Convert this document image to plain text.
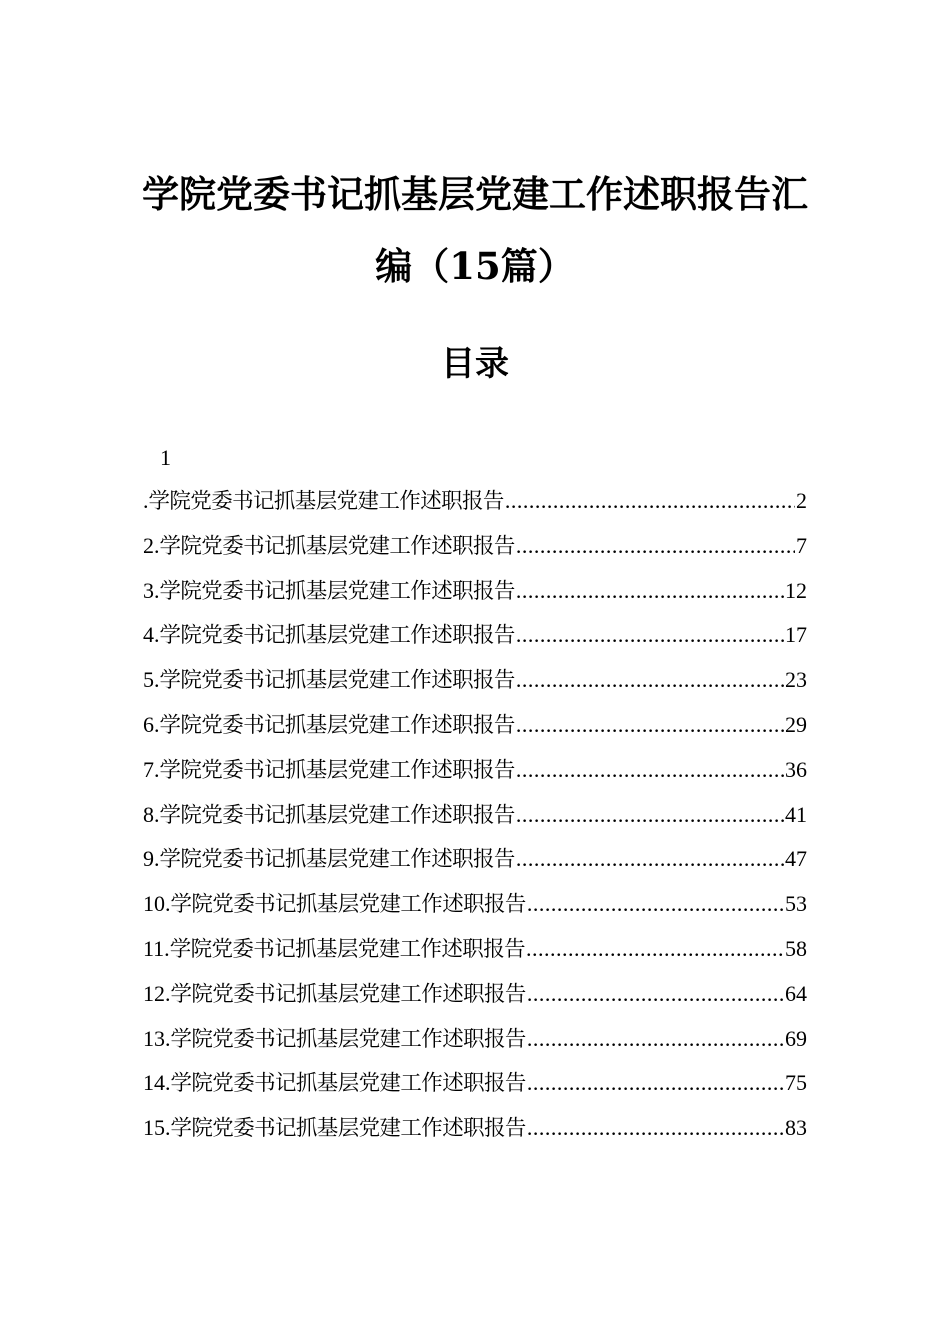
学院党委书记抓基层党建工作述职报告汇
编（15篇）
目录
1
. 学院党委书记抓基层党建工作述职报告 .....	2
2. 学院党委书记抓基层党建工作述职报告 .....	7
3. 学院党委书记抓基层党建工作述职报告 .....	12
4. 学院党委书记抓基层党建工作述职报告 .....	17
5. 学院党委书记抓基层党建工作述职报告 .....	23
6. 学院党委书记抓基层党建工作述职报告 .....	29
7. 学院党委书记抓基层党建工作述职报告 .....	36
8. 学院党委书记抓基层党建工作述职报告 .....	41
9. 学院党委书记抓基层党建工作述职报告 .....	47
10. 学院党委书记抓基层党建工作述职报告 .....	53
11. 学院党委书记抓基层党建工作述职报告 .....	58
12. 学院党委书记抓基层党建工作述职报告 .....	64
13. 学院党委书记抓基层党建工作述职报告 .....	69
14. 学院党委书记抓基层党建工作述职报告 .....	75
15. 学院党委书记抓基层党建工作述职报告 .....	83
